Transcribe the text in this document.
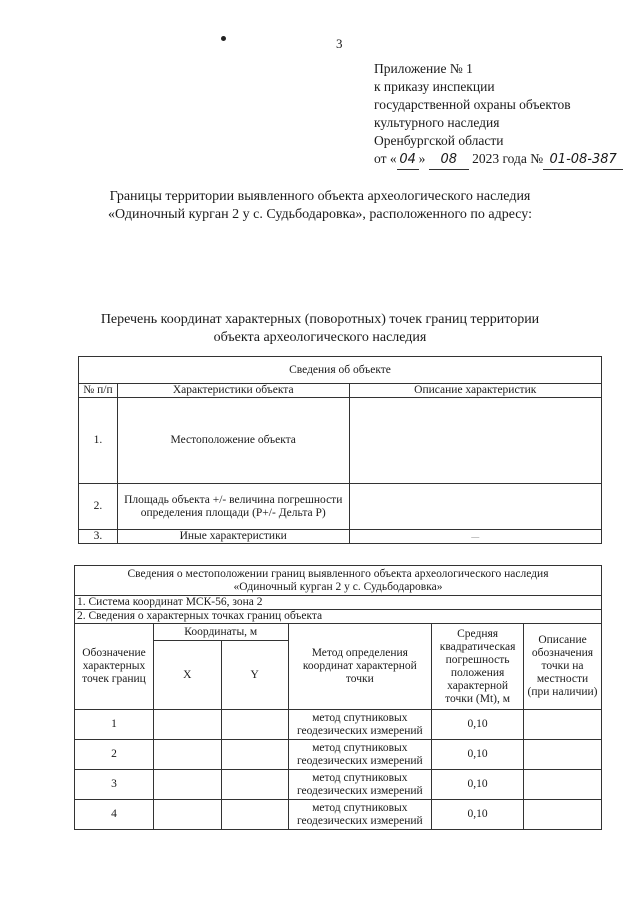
3
Приложение № 1
к приказу инспекции
государственной охраны объектов
культурного наследия
Оренбургской области
от « 04 » 08 2023 года № 01-08-387
Границы территории выявленного объекта археологического наследия
«Одиночный курган 2 у с. Судьбодаровка», расположенного по адресу:
Перечень координат характерных (поворотных) точек границ территории
объекта археологического наследия
Сведения об объекте		
№ п/п	Характеристики объекта	Описание характеристик
1.	Местоположение объекта	
2.	Площадь объекта +/- величина погрешности определения площади (P+/- Дельта P)	
3.	Иные характеристики	—
Сведения о местоположении границ выявленного объекта археологического наследия
«Одиночный курган 2 у с. Судьбодаровка»					

1. Система координат МСК-56, зона 2					
2. Сведения о характерных точках границ объекта					
Обозначение характерных точек границ	Координаты, м		Метод определения координат характерной точки	Средняя квадратическая погрешность положения характерной точки (Mt), м	Описание обозначения точки на местности (при наличии)
	X	Y			
1			метод спутниковых геодезических измерений	0,10	
2			метод спутниковых геодезических измерений	0,10	
3			метод спутниковых геодезических измерений	0,10	
4			метод спутниковых геодезических измерений	0,10	
